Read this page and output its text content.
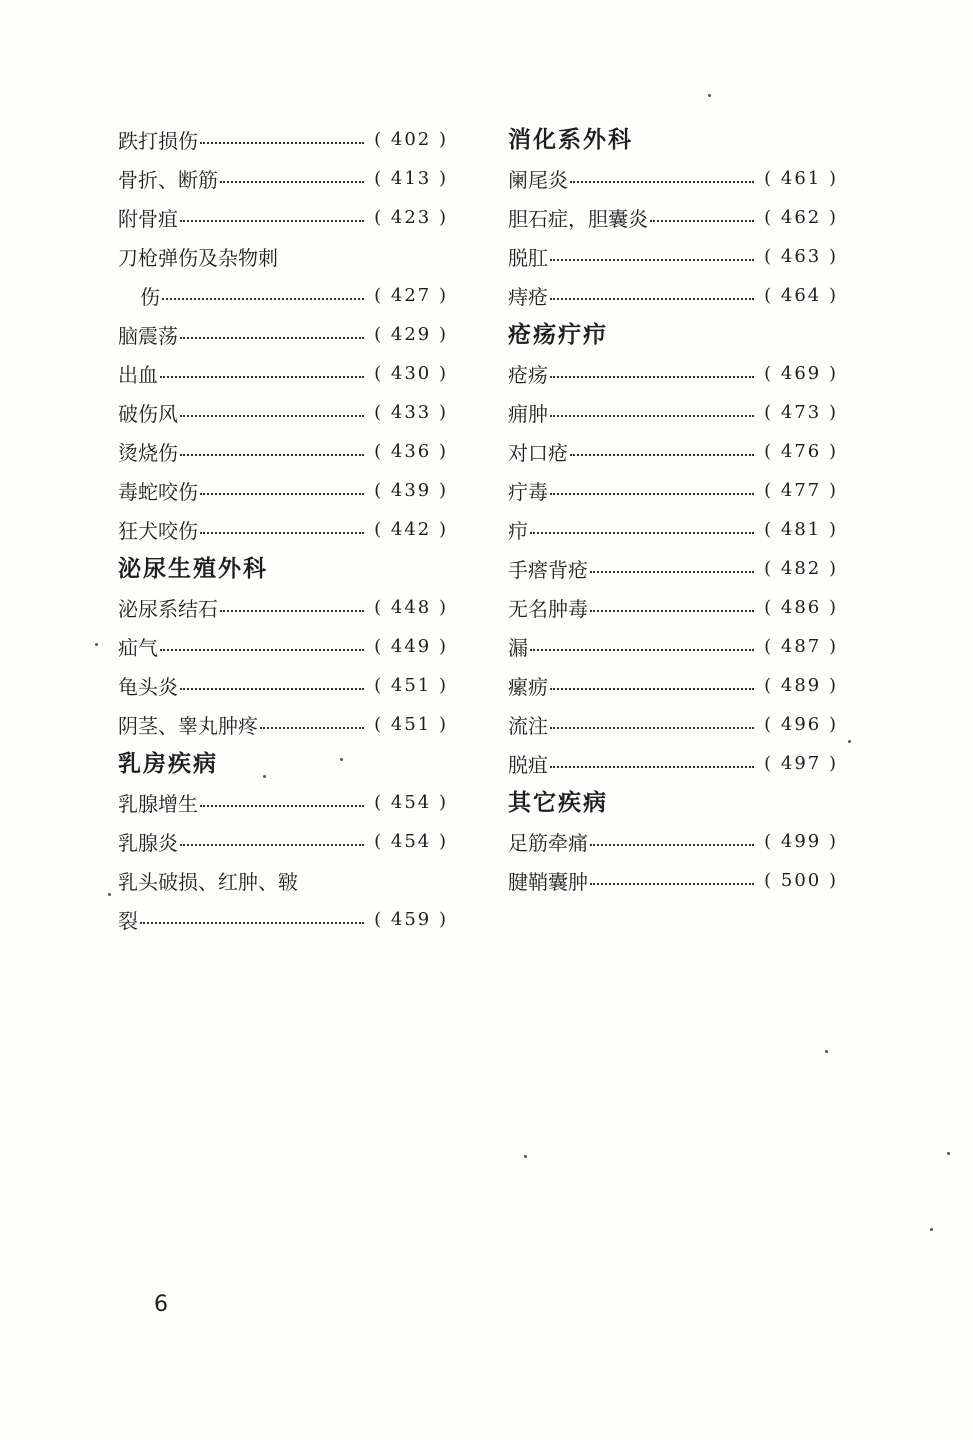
跌打损伤	( 402 )
骨折、断筋	( 413 )
附骨疽	( 423 )
刀枪弹伤及杂物刺
伤	( 427 )
脑震荡	( 429 )
出血	( 430 )
破伤风	( 433 )
烫烧伤	( 436 )
毒蛇咬伤	( 439 )
狂犬咬伤	( 442 )
泌尿生殖外科
泌尿系结石	( 448 )
疝气	( 449 )
龟头炎	( 451 )
阴茎、睾丸肿疼	( 451 )
乳房疾病
乳腺增生	( 454 )
乳腺炎	( 454 )
乳头破损、红肿、皲
裂	( 459 )
消化系外科
阑尾炎	( 461 )
胆石症，胆囊炎	( 462 )
脱肛	( 463 )
痔疮	( 464 )
疮疡疔疖
疮疡	( 469 )
痈肿	( 473 )
对口疮	( 476 )
疔毒	( 477 )
疖	( 481 )
手瘩背疮	( 482 )
无名肿毒	( 486 )
漏	( 487 )
瘰疬	( 489 )
流注	( 496 )
脱疽	( 497 )
其它疾病
足筋牵痛	( 499 )
腱鞘囊肿	( 500 )
6
